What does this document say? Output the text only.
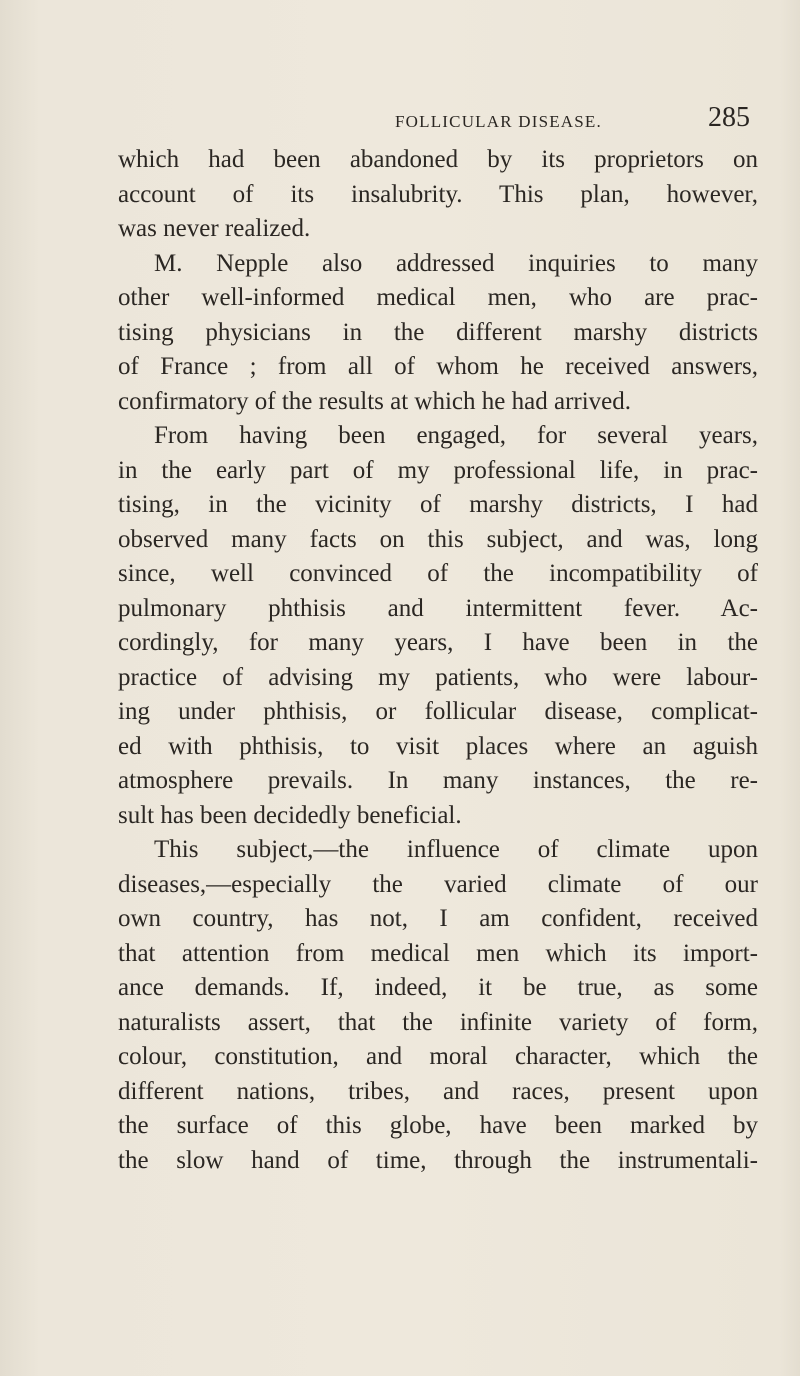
FOLLICULAR DISEASE.	285
which had been abandoned by its proprietors on
account of its insalubrity. This plan, however,
was never realized.
M. Nepple also addressed inquiries to many
other well-informed medical men, who are prac-
tising physicians in the different marshy districts
of France ; from all of whom he received answers,
confirmatory of the results at which he had arrived.
From having been engaged, for several years,
in the early part of my professional life, in prac-
tising, in the vicinity of marshy districts, I had
observed many facts on this subject, and was, long
since, well convinced of the incompatibility of
pulmonary phthisis and intermittent fever. Ac-
cordingly, for many years, I have been in the
practice of advising my patients, who were labour-
ing under phthisis, or follicular disease, complicat-
ed with phthisis, to visit places where an aguish
atmosphere prevails. In many instances, the re-
sult has been decidedly beneficial.
This subject,—the influence of climate upon
diseases,—especially the varied climate of our
own country, has not, I am confident, received
that attention from medical men which its import-
ance demands. If, indeed, it be true, as some
naturalists assert, that the infinite variety of form,
colour, constitution, and moral character, which the
different nations, tribes, and races, present upon
the surface of this globe, have been marked by
the slow hand of time, through the instrumentali-
